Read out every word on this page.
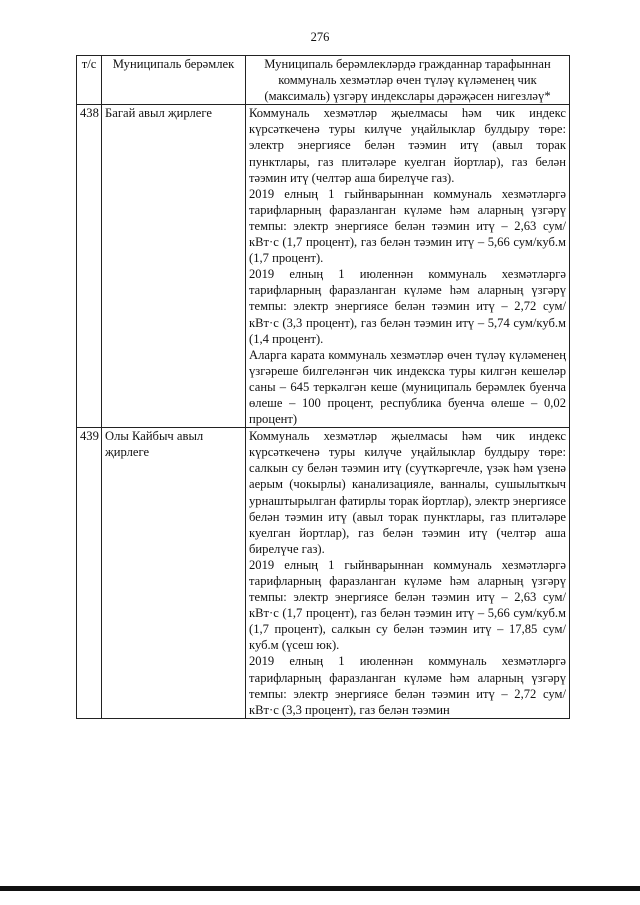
276
т/с	Муниципаль берәмлек	Муниципаль берәмлекләрдә гражданнар тарафыннан коммуналь хезмәтләр өчен түләү күләменең чик (максималь) үзгәрү индекслары дәрәҗәсен нигезләү*
438	Багай авыл җирлеге	Коммуналь хезмәтләр җыелмасы һәм чик индекс күрсәткеченә туры килүче уңайлыклар булдыру төре: электр энергиясе белән тәэмин итү (авыл торак пунктлары, газ плитәләре куелган йортлар), газ белән тәэмин итү (челтәр аша бирелүче газ).

2019 елның 1 гыйнварыннан коммуналь хезмәтләргә тарифларның фаразланган күләме һәм аларның үзгәрү темпы: электр энергиясе белән тәэмин итү – 2,63 сум/кВт·с (1,7 процент), газ белән тәэмин итү – 5,66 сум/куб.м (1,7 процент).

2019 елның 1 июленнән коммуналь хезмәтләргә тарифларның фаразланган күләме һәм аларның үзгәрү темпы: электр энергиясе белән тәэмин итү – 2,72 сум/кВт·с (3,3 процент), газ белән тәэмин итү – 5,74 сум/куб.м (1,4 процент).

Аларга карата коммуналь хезмәтләр өчен түләү күләменең үзгәреше билгеләнгән чик индекска туры килгән кешеләр саны – 645 теркәлгән кеше (муниципаль берәмлек буенча өлеше – 100 процент, республика буенча өлеше – 0,02 процент)

439	Олы Кайбыч авыл җирлеге	Коммуналь хезмәтләр җыелмасы һәм чик индекс күрсәткеченә туры килүче уңайлыклар булдыру төре: салкын су белән тәэмин итү (суүткәргечле, үзәк һәм үзенә аерым (чокырлы) канализацияле, ванналы, сушылыткыч урнаштырылган фатирлы торак йортлар), электр энергиясе белән тәэмин итү (авыл торак пунктлары, газ плитәләре куелган йортлар), газ белән тәэмин итү (челтәр аша бирелүче газ).

2019 елның 1 гыйнварыннан коммуналь хезмәтләргә тарифларның фаразланган күләме һәм аларның үзгәрү темпы: электр энергиясе белән тәэмин итү – 2,63 сум/кВт·с (1,7 процент), газ белән тәэмин итү – 5,66 сум/куб.м (1,7 процент), салкын су белән тәэмин итү – 17,85 сум/куб.м (үсеш юк).

2019 елның 1 июленнән коммуналь хезмәтләргә тарифларның фаразланган күләме һәм аларның үзгәрү темпы: электр энергиясе белән тәэмин итү – 2,72 сум/кВт·с (3,3 процент), газ белән тәэмин
